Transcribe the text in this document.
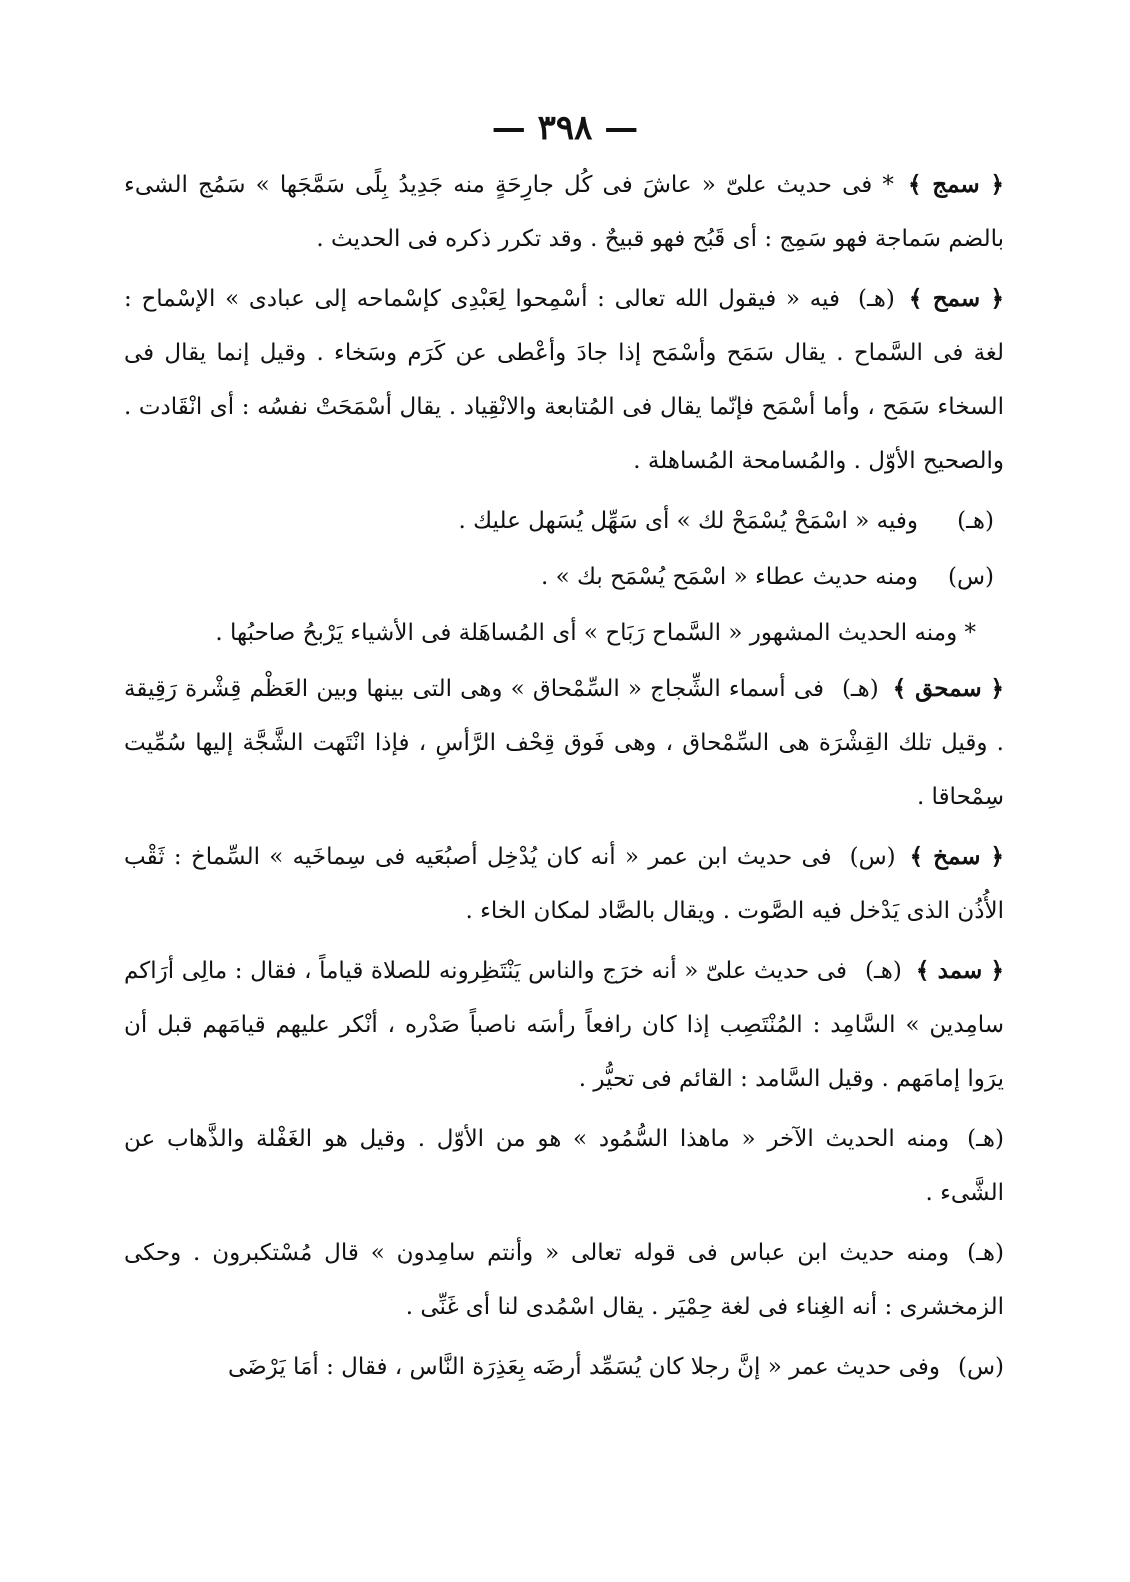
— ٣٩٨ —

﴿ سمج ﴾* فى حديث علىّ « عاشَ فى كُل جارِحَةٍ منه جَدِيدُ بِلًى سَمَّجَها » سَمُج الشىء بالضم سَماجة فهو سَمِج : أى قَبُح فهو قبيحٌ . وقد تكرر ذكره فى الحديث .

﴿ سمح ﴾(هـ)فيه « فيقول الله تعالى : أسْمِحوا لِعَبْدِى كإسْماحه إلى عبادى » الإسْماح : لغة فى السَّماح . يقال سَمَح وأسْمَح إذا جادَ وأعْطى عن كَرَم وسَخاء . وقيل إنما يقال فى السخاء سَمَح ، وأما أسْمَح فإنّما يقال فى المُتابعة والانْقِياد . يقال أسْمَحَتْ نفسُه : أى انْقَادت . والصحيح الأوّل . والمُسامحة المُساهلة .

(هـ)وفيه « اسْمَحْ يُسْمَحْ لك » أى سَهِّل يُسَهل عليك .

(س)ومنه حديث عطاء « اسْمَح يُسْمَح بك » .

* ومنه الحديث المشهور « السَّماح رَبَاح » أى المُساهَلة فى الأشياء يَرْبحُ صاحبُها .

﴿ سمحق ﴾(هـ)فى أسماء الشِّجاج « السِّمْحاق » وهى التى بينها وبين العَظْم قِشْرة رَقِيقة . وقيل تلك القِشْرَة هى السِّمْحاق ، وهى فَوق قِحْف الرَّأسِ ، فإذا انْتَهت الشَّجَّة إليها سُمِّيت سِمْحاقا .

﴿ سمخ ﴾(س)فى حديث ابن عمر « أنه كان يُدْخِل أصبُعَيه فى سِماخَيه » السِّماخ : ثَقْب الأُذُن الذى يَدْخل فيه الصَّوت . ويقال بالصَّاد لمكان الخاء .

﴿ سمد ﴾(هـ)فى حديث علىّ « أنه خرَج والناس يَنْتَظِرونه للصلاة قياماً ، فقال : مالِى أرَاكم سامِدين » السَّامِد : المُنْتَصِب إذا كان رافعاً رأسَه ناصباً صَدْره ، أنْكر عليهم قيامَهم قبل أن يرَوا إمامَهم . وقيل السَّامد : القائم فى تحيُّر .

(هـ)ومنه الحديث الآخر « ماهذا السُّمُود » هو من الأوّل . وقيل هو الغَفْلة والذَّهاب عن الشَّىء .

(هـ)ومنه حديث ابن عباس فى قوله تعالى « وأنتم سامِدون » قال مُسْتكبرون . وحكى الزمخشرى : أنه الغِناء فى لغة حِمْيَر . يقال اسْمُدى لنا أى غَنِّى .

(س)وفى حديث عمر « إنَّ رجلا كان يُسَمِّد أرضَه بِعَذِرَة النَّاس ، فقال : أمَا يَرْضَى
